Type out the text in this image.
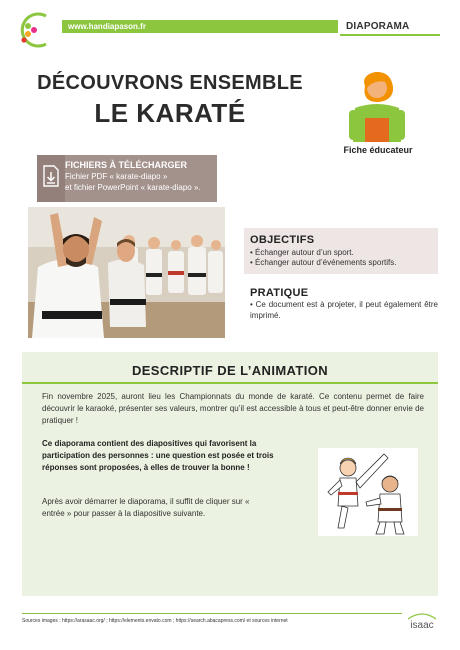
www.handiapason.fr	DIAPORAMA
DÉCOUVRONS ENSEMBLE
LE KARATÉ
Fiche éducateur
FICHIERS À TÉLÉCHARGER
Fichier PDF « karate-diapo »
et fichier PowerPoint « karate-diapo ».
OBJECTIFS
• Échanger autour d’un sport.
• Échanger autour d’événements sportifs.
PRATIQUE
• Ce document est à projeter, il peut également être imprimé.
DESCRIPTIF DE L’ANIMATION

Fin novembre 2025, auront lieu les Championnats du monde de karaté. Ce contenu permet de faire découvrir le karaoké, présenter ses valeurs, montrer qu’il est accessible à tous et peut-être donner envie de pratiquer !

Ce diaporama contient des diapositives qui favorisent la participation des personnes : une question est posée et trois réponses sont proposées, à elles de trouver la bonne !

Après avoir démarrer le diaporama, il suffit de cliquer sur « entrée » pour passer à la diapositive suivante.

Sources images : https://arasaac.org/ ; https://elements.envato.com ; https://search.abacapress.com/ et sources internet	isaac
